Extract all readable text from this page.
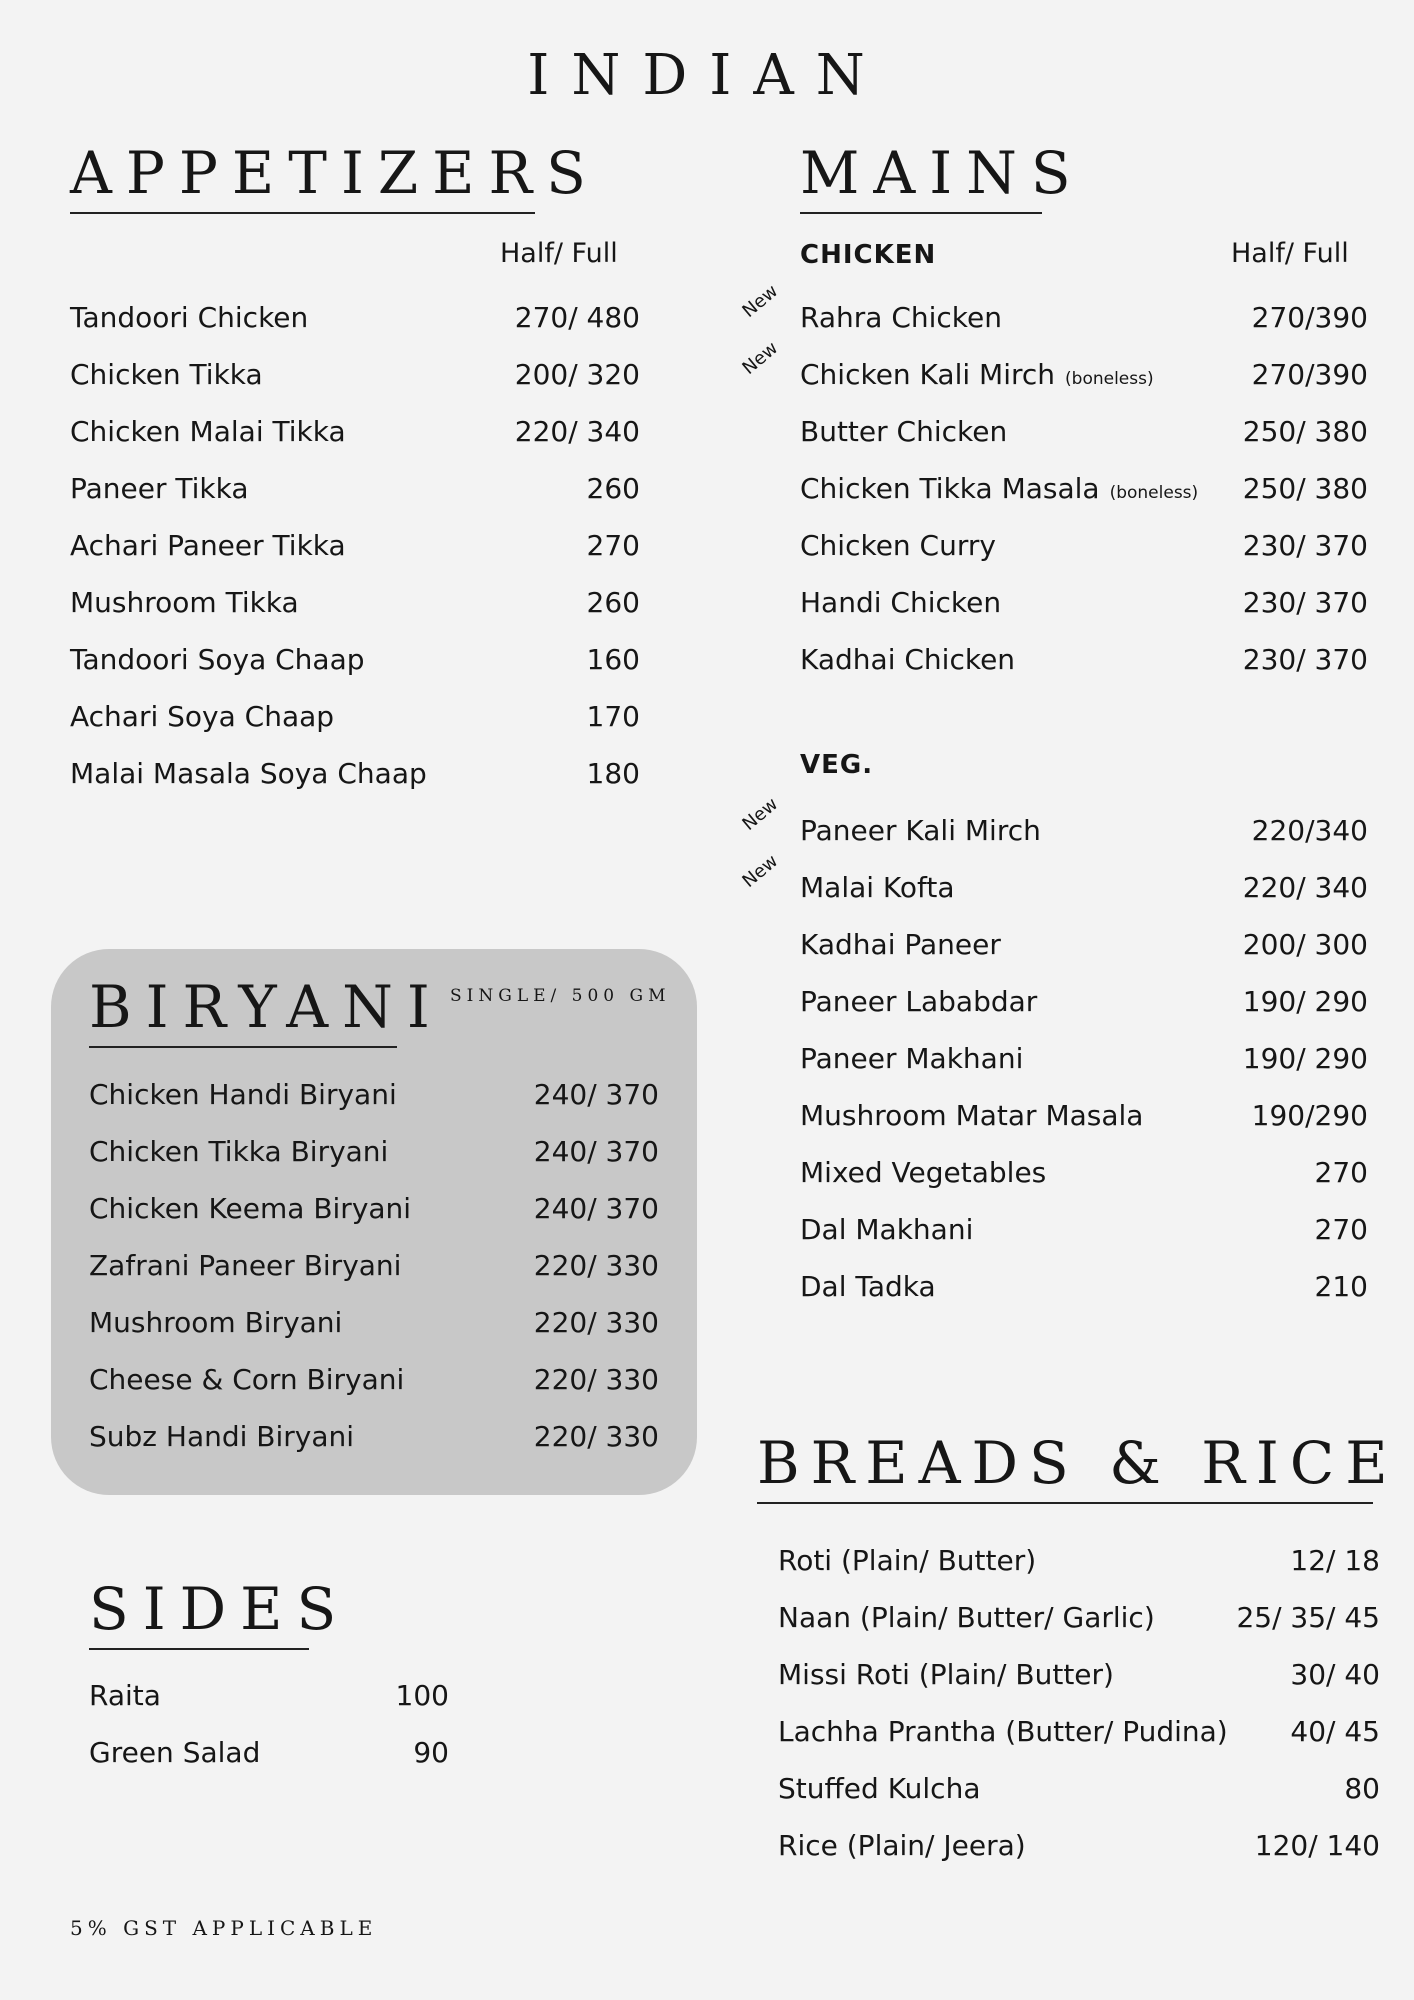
INDIAN
APPETIZERS
Half/ Full
Tandoori Chicken	270/ 480
Chicken Tikka	200/ 320
Chicken Malai Tikka	220/ 340
Paneer Tikka	260
Achari Paneer Tikka	270
Mushroom Tikka	260
Tandoori Soya Chaap	160
Achari Soya Chaap	170
Malai Masala Soya Chaap	180
MAINS
CHICKEN	Half/ Full
New Rahra Chicken	270/390
New Chicken Kali Mirch (boneless)	270/390
Butter Chicken	250/ 380
Chicken Tikka Masala (boneless)	250/ 380
Chicken Curry	230/ 370
Handi Chicken	230/ 370
Kadhai Chicken	230/ 370
VEG.
New Paneer Kali Mirch	220/340
New Malai Kofta	220/ 340
Kadhai Paneer	200/ 300
Paneer Lababdar	190/ 290
Paneer Makhani	190/ 290
Mushroom Matar Masala	190/290
Mixed Vegetables	270
Dal Makhani	270
Dal Tadka	210
BIRYANI SINGLE/ 500 GM
Chicken Handi Biryani	240/ 370
Chicken Tikka Biryani	240/ 370
Chicken Keema Biryani	240/ 370
Zafrani Paneer Biryani	220/ 330
Mushroom Biryani	220/ 330
Cheese & Corn Biryani	220/ 330
Subz Handi Biryani	220/ 330
SIDES
Raita	100
Green Salad	90
BREADS & RICE
Roti (Plain/ Butter)	12/ 18
Naan (Plain/ Butter/ Garlic)	25/ 35/ 45
Missi Roti (Plain/ Butter)	30/ 40
Lachha Prantha (Butter/ Pudina)	40/ 45
Stuffed Kulcha	80
Rice (Plain/ Jeera)	120/ 140
5% GST APPLICABLE
